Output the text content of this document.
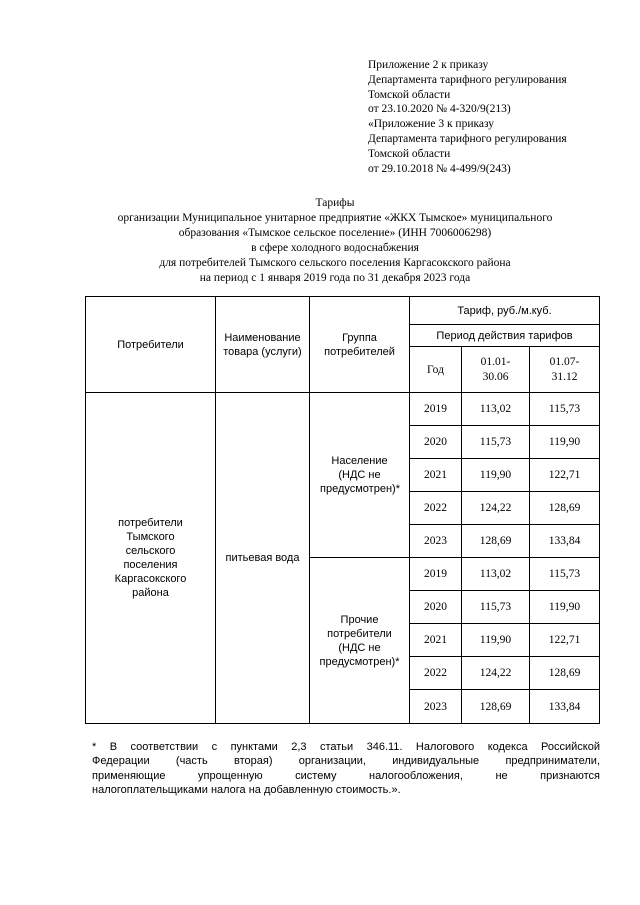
Приложение 2 к приказу
Департамента тарифного регулирования
Томской области
от 23.10.2020 № 4-320/9(213)
«Приложение 3 к приказу
Департамента тарифного регулирования
Томской области
от 29.10.2018 № 4-499/9(243)
Тарифы
организации Муниципальное унитарное предприятие «ЖКХ Тымское» муниципального
образования «Тымское сельское поселение» (ИНН 7006006298)
в сфере холодного водоснабжения
для потребителей Тымского сельского поселения Каргасокского района
на период с 1 января 2019 года по 31 декабря 2023 года
Потребители	Наименование товара (услуги)	Группа потребителей	Тариф, руб./м.куб.		
			Период действия тарифов		
			Год	01.01-30.06	01.07-31.12
потребители Тымского сельского поселения Каргасокского района	питьевая вода	Население (НДС не предусмотрен)*	2019	113,02	115,73
			2020	115,73	119,90
			2021	119,90	122,71
			2022	124,22	128,69
			2023	128,69	133,84
		Прочие потребители (НДС не предусмотрен)*	2019	113,02	115,73
			2020	115,73	119,90
			2021	119,90	122,71
			2022	124,22	128,69
			2023	128,69	133,84
* В соответствии с пунктами 2,3 статьи 346.11. Налогового кодекса Российской
Федерации (часть вторая) организации, индивидуальные предприниматели,
применяющие упрощенную систему налогообложения, не признаются
налогоплательщиками налога на добавленную стоимость.».
